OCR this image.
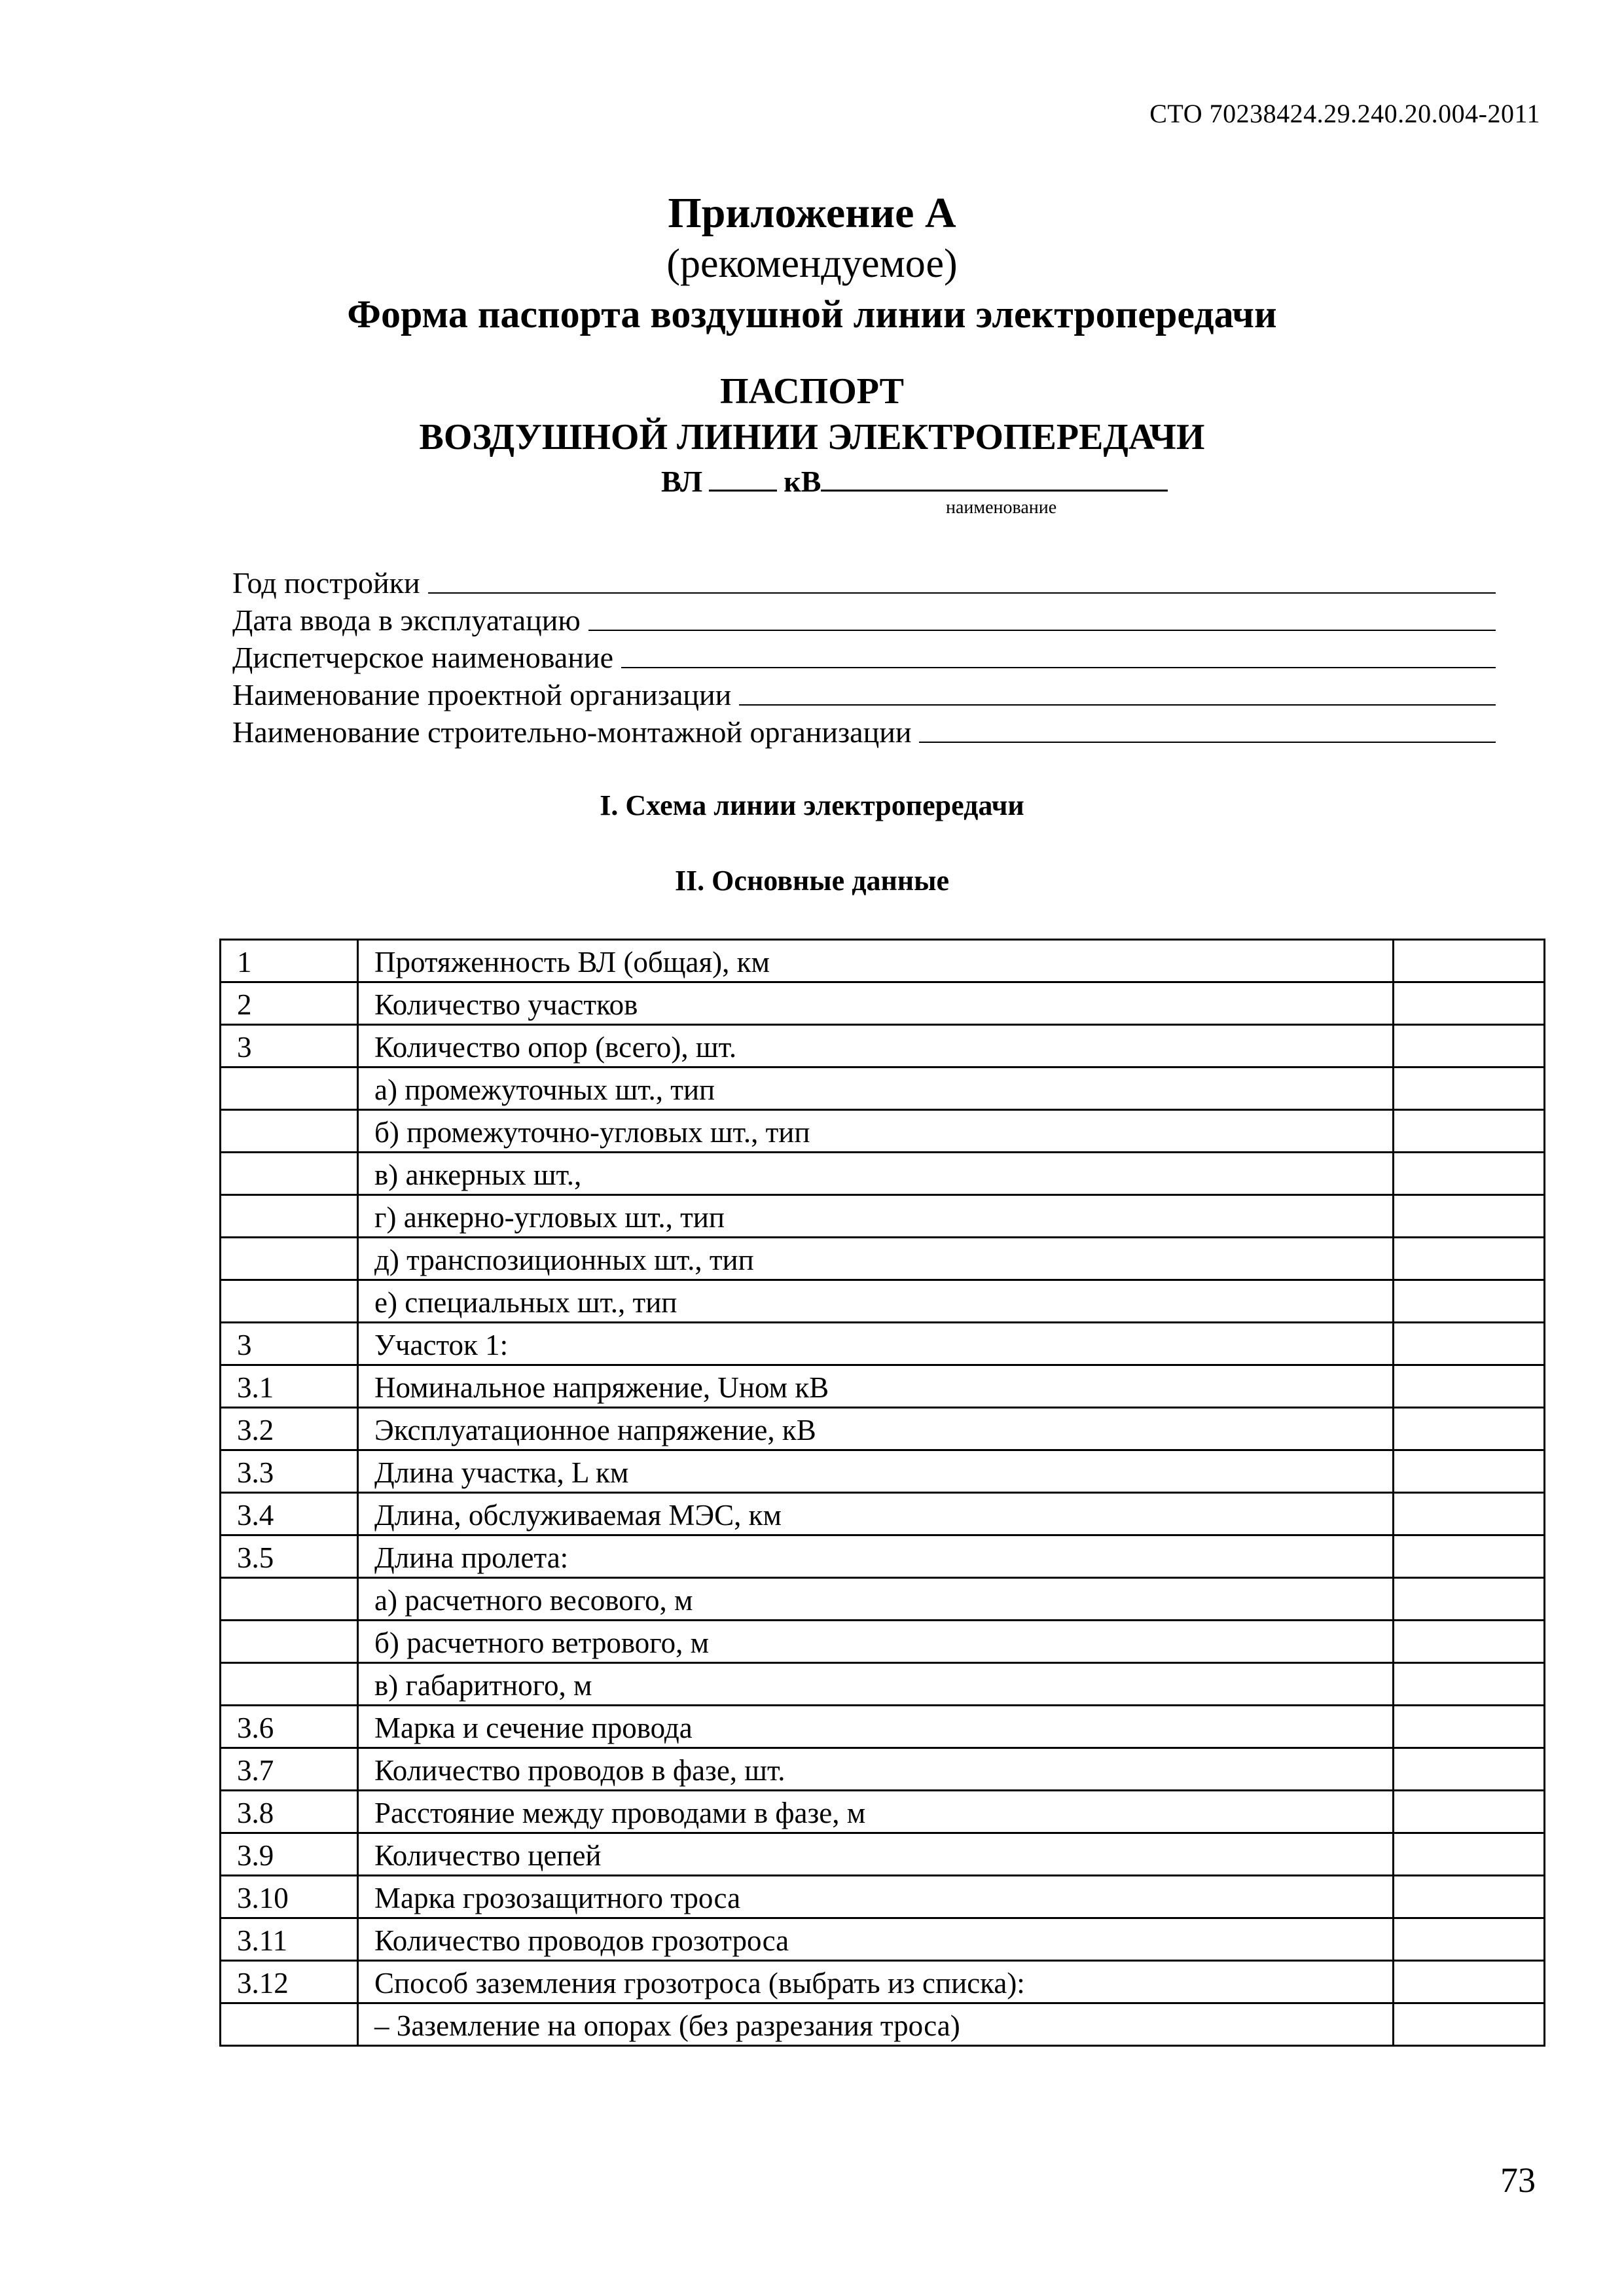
СТО 70238424.29.240.20.004-2011
Приложение А
(рекомендуемое)
Форма паспорта воздушной линии электропередачи
ПАСПОРТ
ВОЗДУШНОЙ ЛИНИИ ЭЛЕКТРОПЕРЕДАЧИ
ВЛ	кВ
наименование
Год постройки
Дата ввода в эксплуатацию
Диспетчерское наименование
Наименование проектной организации
Наименование строительно-монтажной организации
I. Схема линии электропередачи
II. Основные данные
1	Протяженность ВЛ (общая), км	
2	Количество участков	
3	Количество опор (всего), шт.	
	а) промежуточных шт., тип	
	б) промежуточно-угловых шт., тип	
	в) анкерных шт.,	
	г) анкерно-угловых шт., тип	
	д) транспозиционных шт., тип	
	е) специальных шт., тип	
3	Участок 1:	
3.1	Номинальное напряжение, Uном кВ	
3.2	Эксплуатационное напряжение, кВ	
3.3	Длина участка, L км	
3.4	Длина, обслуживаемая МЭС, км	
3.5	Длина пролета:	
	а) расчетного весового, м	
	б) расчетного ветрового, м	
	в) габаритного, м	
3.6	Марка и сечение провода	
3.7	Количество проводов в фазе, шт.	
3.8	Расстояние между проводами в фазе, м	
3.9	Количество цепей	
3.10	Марка грозозащитного троса	
3.11	Количество проводов грозотроса	
3.12	Способ заземления грозотроса (выбрать из списка):	
	– Заземление на опорах (без разрезания троса)	
73
